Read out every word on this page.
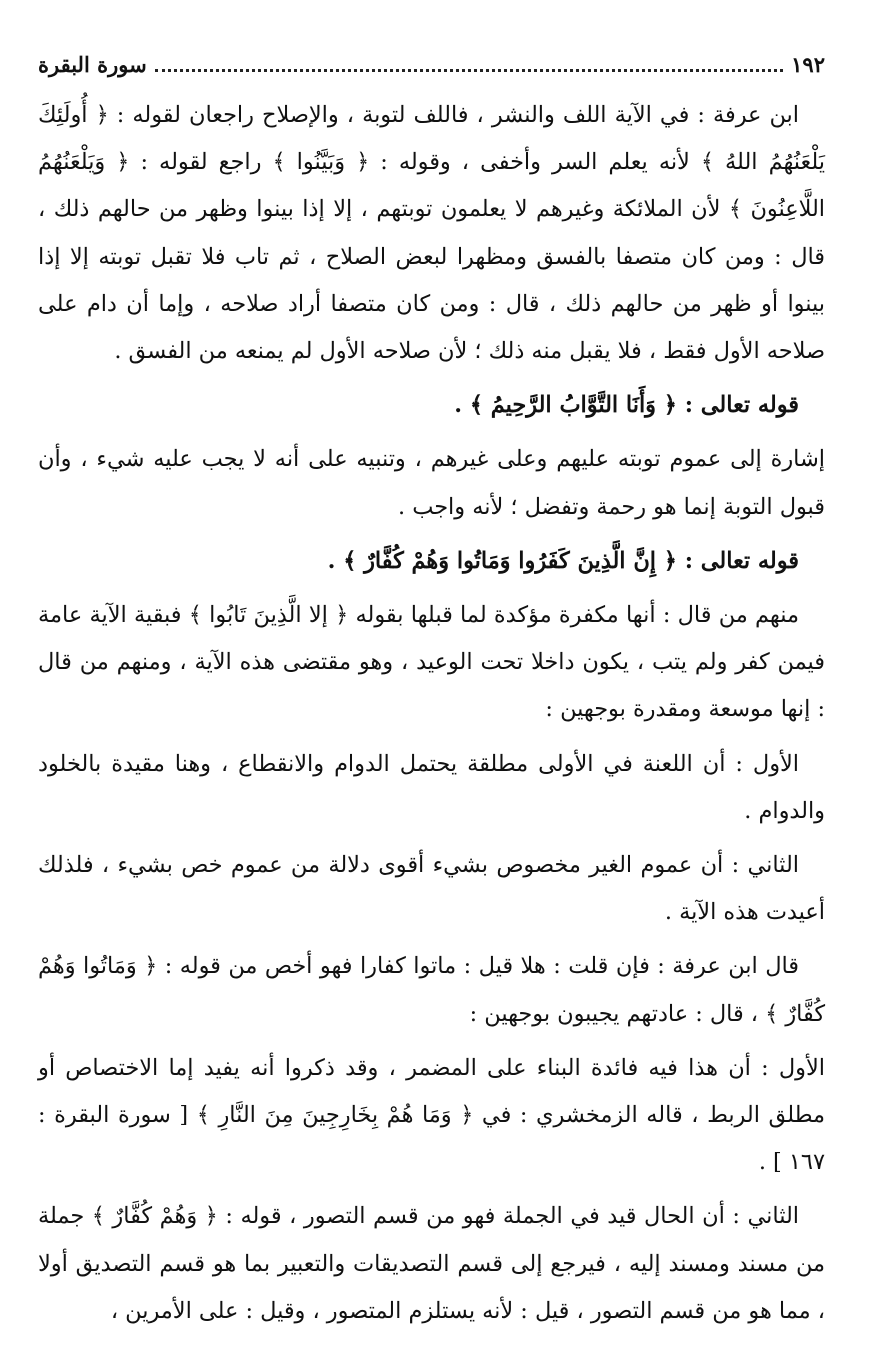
١٩٢
سورة البقرة

ابن عرفة : في الآية اللف والنشر ، فاللف لتوبة ، والإصلاح راجعان لقوله : ﴿ أُولَئِكَ يَلْعَنُهُمُ اللهُ ﴾ لأنه يعلم السر وأخفى ، وقوله : ﴿ وَبَيَّنُوا ﴾ راجع لقوله : ﴿ وَيَلْعَنُهُمُ اللَّاعِنُونَ ﴾ لأن الملائكة وغيرهم لا يعلمون توبتهم ، إلا إذا بينوا وظهر من حالهم ذلك ، قال : ومن كان متصفا بالفسق ومظهرا لبعض الصلاح ، ثم تاب فلا تقبل توبته إلا إذا بينوا أو ظهر من حالهم ذلك ، قال : ومن كان متصفا أراد صلاحه ، وإما أن دام على صلاحه الأول فقط ، فلا يقبل منه ذلك ؛ لأن صلاحه الأول لم يمنعه من الفسق .

قوله تعالى : ﴿ وَأَنَا التَّوَّابُ الرَّحِيمُ ﴾ .

إشارة إلى عموم توبته عليهم وعلى غيرهم ، وتنبيه على أنه لا يجب عليه شيء ، وأن قبول التوبة إنما هو رحمة وتفضل ؛ لأنه واجب .

قوله تعالى : ﴿ إِنَّ الَّذِينَ كَفَرُوا وَمَاتُوا وَهُمْ كُفَّارٌ ﴾ .

منهم من قال : أنها مكفرة مؤكدة لما قبلها بقوله ﴿ إلا الَّذِينَ تَابُوا ﴾ فبقية الآية عامة فيمن كفر ولم يتب ، يكون داخلا تحت الوعيد ، وهو مقتضى هذه الآية ، ومنهم من قال : إنها موسعة ومقدرة بوجهين :

الأول : أن اللعنة في الأولى مطلقة يحتمل الدوام والانقطاع ، وهنا مقيدة بالخلود والدوام .

الثاني : أن عموم الغير مخصوص بشيء أقوى دلالة من عموم خص بشيء ، فلذلك أعيدت هذه الآية .

قال ابن عرفة : فإن قلت : هلا قيل : ماتوا كفارا فهو أخص من قوله : ﴿ وَمَاتُوا وَهُمْ كُفَّارٌ ﴾ ، قال : عادتهم يجيبون بوجهين :

الأول : أن هذا فيه فائدة البناء على المضمر ، وقد ذكروا أنه يفيد إما الاختصاص أو مطلق الربط ، قاله الزمخشري : في ﴿ وَمَا هُمْ بِخَارِجِينَ مِنَ النَّارِ ﴾ [ سورة البقرة : ١٦٧ ] .

الثاني : أن الحال قيد في الجملة فهو من قسم التصور ، قوله : ﴿ وَهُمْ كُفَّارٌ ﴾ جملة من مسند ومسند إليه ، فيرجع إلى قسم التصديقات والتعبير بما هو قسم التصديق أولا ، مما هو من قسم التصور ، قيل : لأنه يستلزم المتصور ، وقيل : على الأمرين ،
